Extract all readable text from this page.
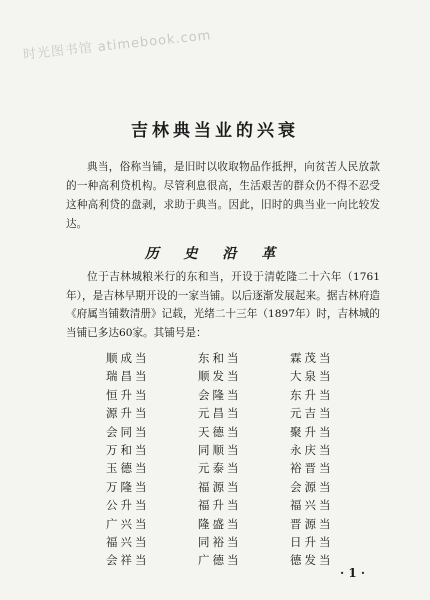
时光图书馆 atimebook.com
吉林典当业的兴衰

典当，俗称当铺，是旧时以收取物品作抵押，向贫苦人民放款的一种高利贷机构。尽管利息很高，生活艰苦的群众仍不得不忍受这种高利贷的盘剥，求助于典当。因此，旧时的典当业一向比较发达。

历 史 沿 革

位于吉林城粮米行的东和当，开设于清乾隆二十六年（1761年），是吉林早期开设的一家当铺。以后逐渐发展起来。据吉林府造《府属当铺数清册》记载，光绪二十三年（1897年）时，吉林城的当铺已多达60家。其铺号是：

顺成当	东和当	霖茂当
瑞昌当	顺发当	大泉当
恒升当	会隆当	东升当
源升当	元昌当	元吉当
会同当	天德当	聚升当
万和当	同顺当	永庆当
玉德当	元泰当	裕晋当
万隆当	福源当	会源当
公升当	福升当	福兴当
广兴当	隆盛当	晋源当
福兴当	同裕当	日升当
会祥当	广德当	德发当
· 1 ·
